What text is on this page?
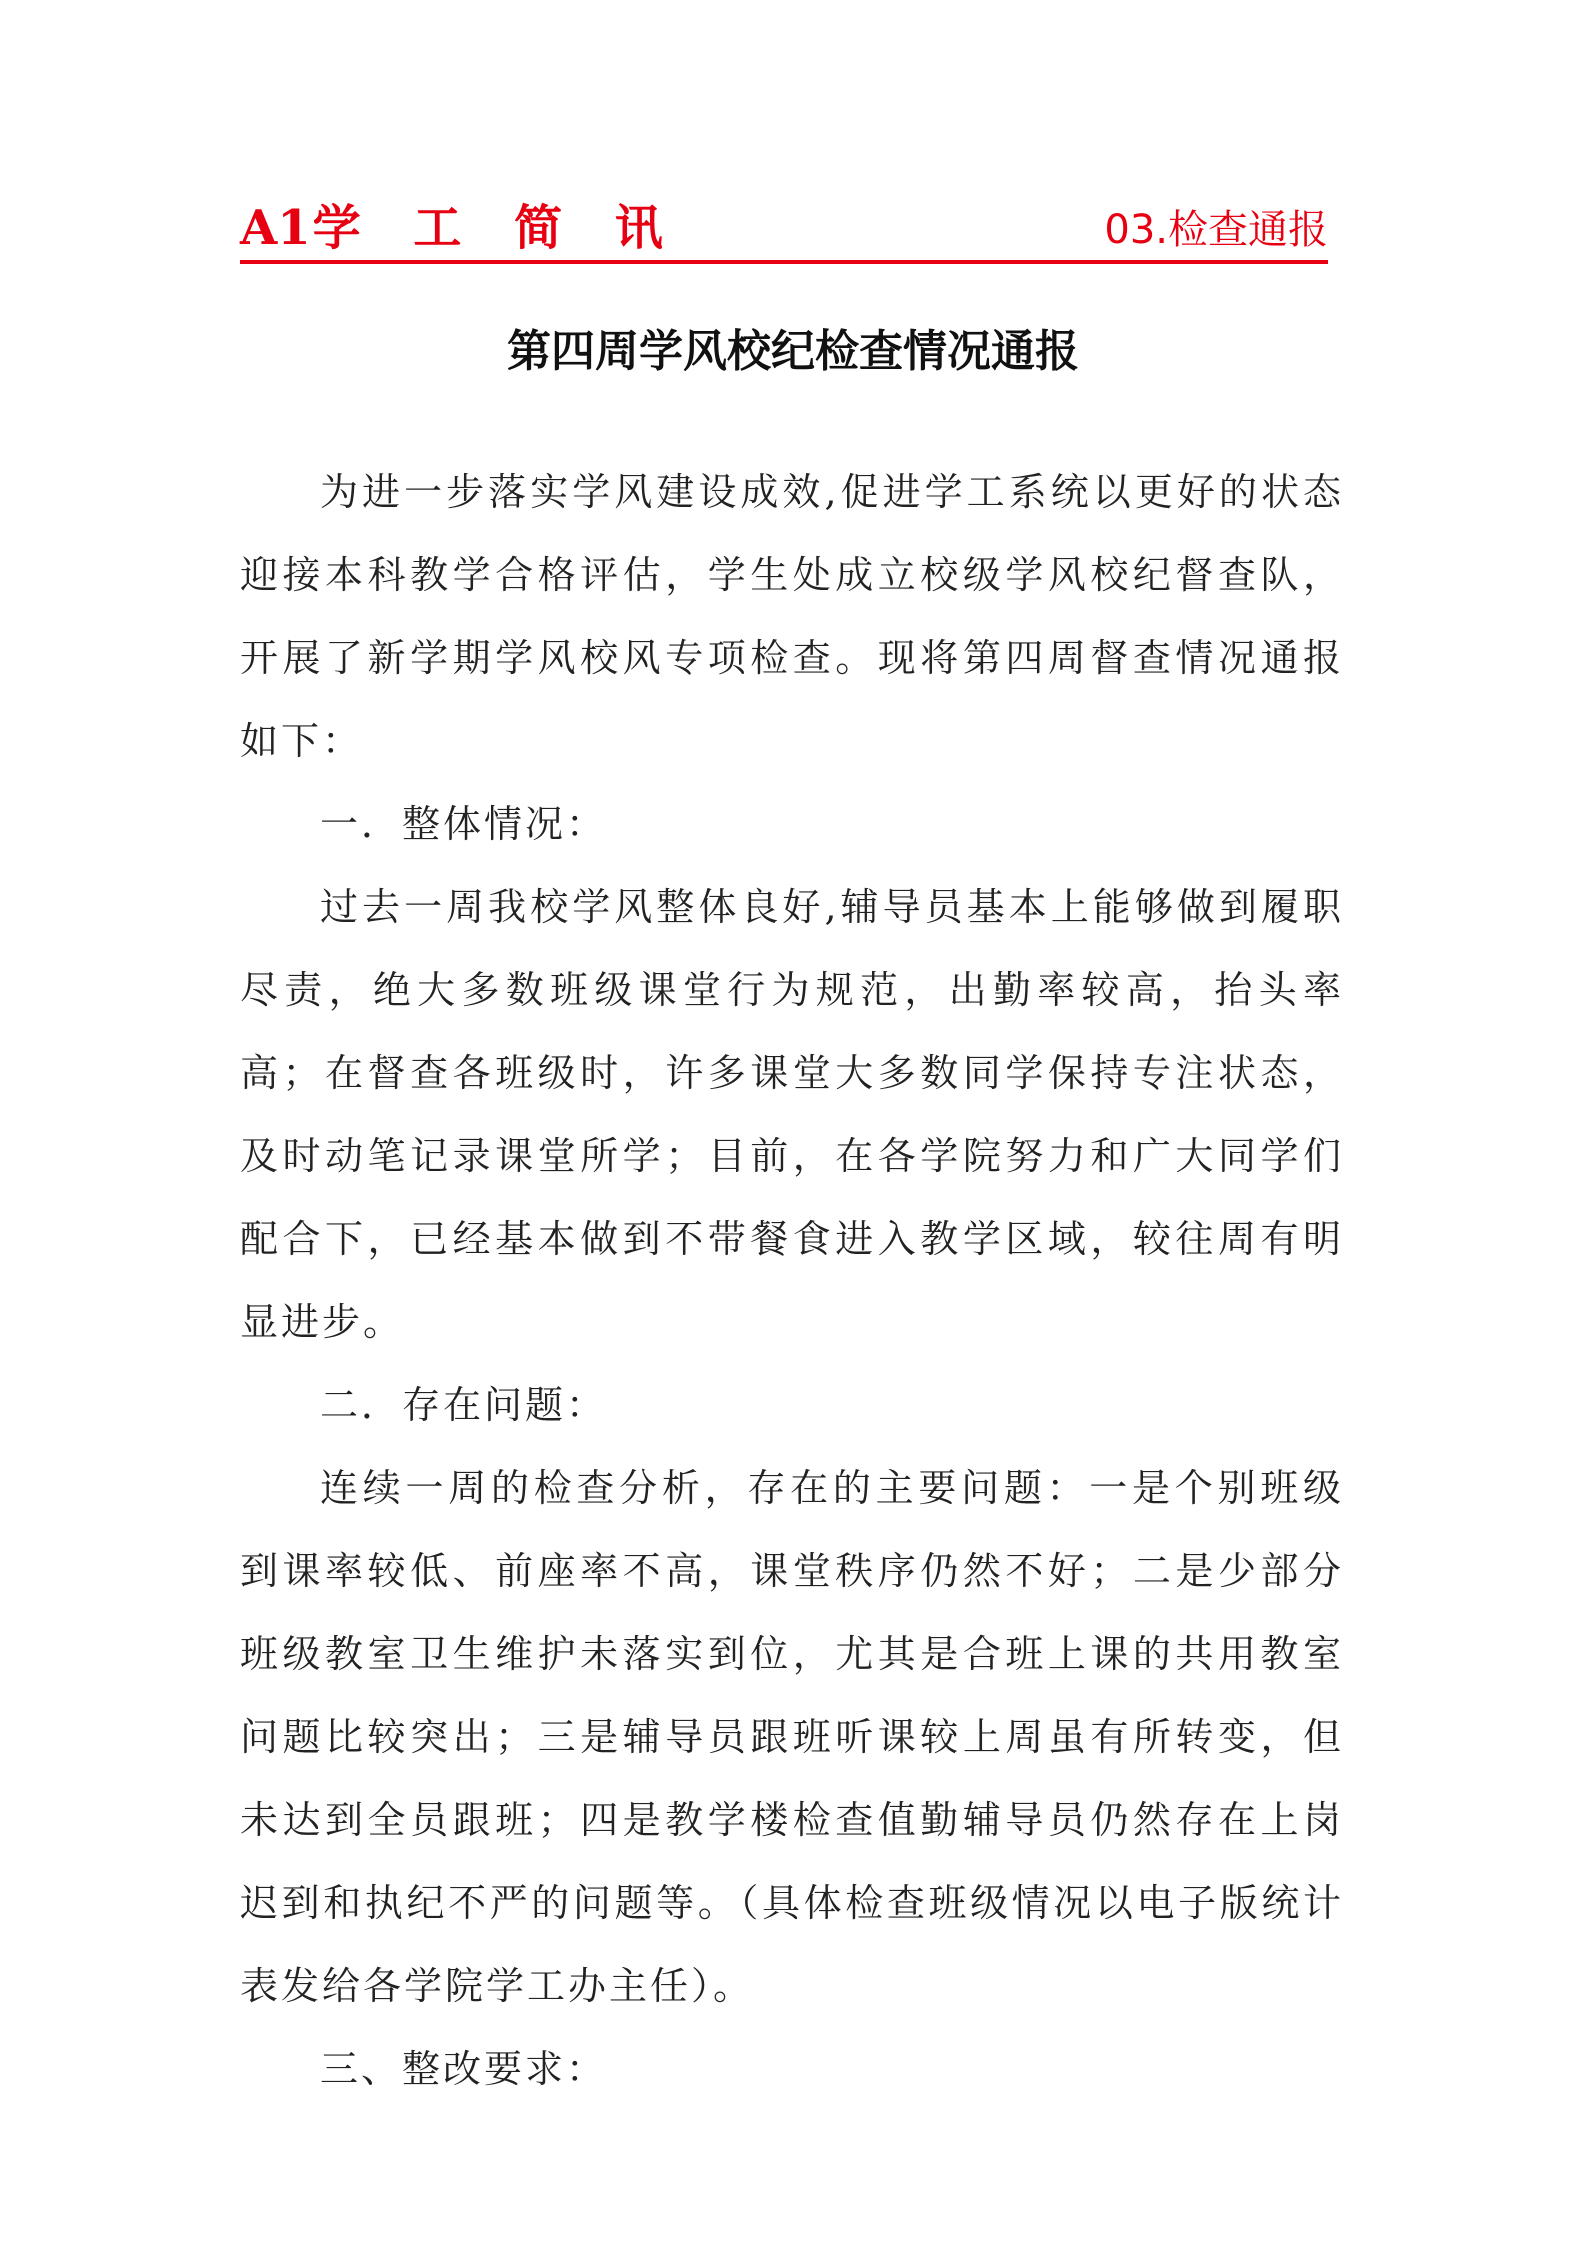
A1学 工 简 讯	03.检查通报
第四周学风校纪检查情况通报

为进一步落实学风建设成效,促进学工系统以更好的状态迎接本科教学合格评估，学生处成立校级学风校纪督查队，开展了新学期学风校风专项检查。现将第四周督查情况通报如下：

一．整体情况：

过去一周我校学风整体良好,辅导员基本上能够做到履职尽责，绝大多数班级课堂行为规范，出勤率较高，抬头率高；在督查各班级时，许多课堂大多数同学保持专注状态，及时动笔记录课堂所学；目前，在各学院努力和广大同学们配合下，已经基本做到不带餐食进入教学区域，较往周有明显进步。

二．存在问题：

连续一周的检查分析，存在的主要问题：一是个别班级到课率较低、前座率不高，课堂秩序仍然不好；二是少部分班级教室卫生维护未落实到位，尤其是合班上课的共用教室问题比较突出；三是辅导员跟班听课较上周虽有所转变，但未达到全员跟班；四是教学楼检查值勤辅导员仍然存在上岗迟到和执纪不严的问题等。（具体检查班级情况以电子版统计表发给各学院学工办主任）。

三、整改要求：
